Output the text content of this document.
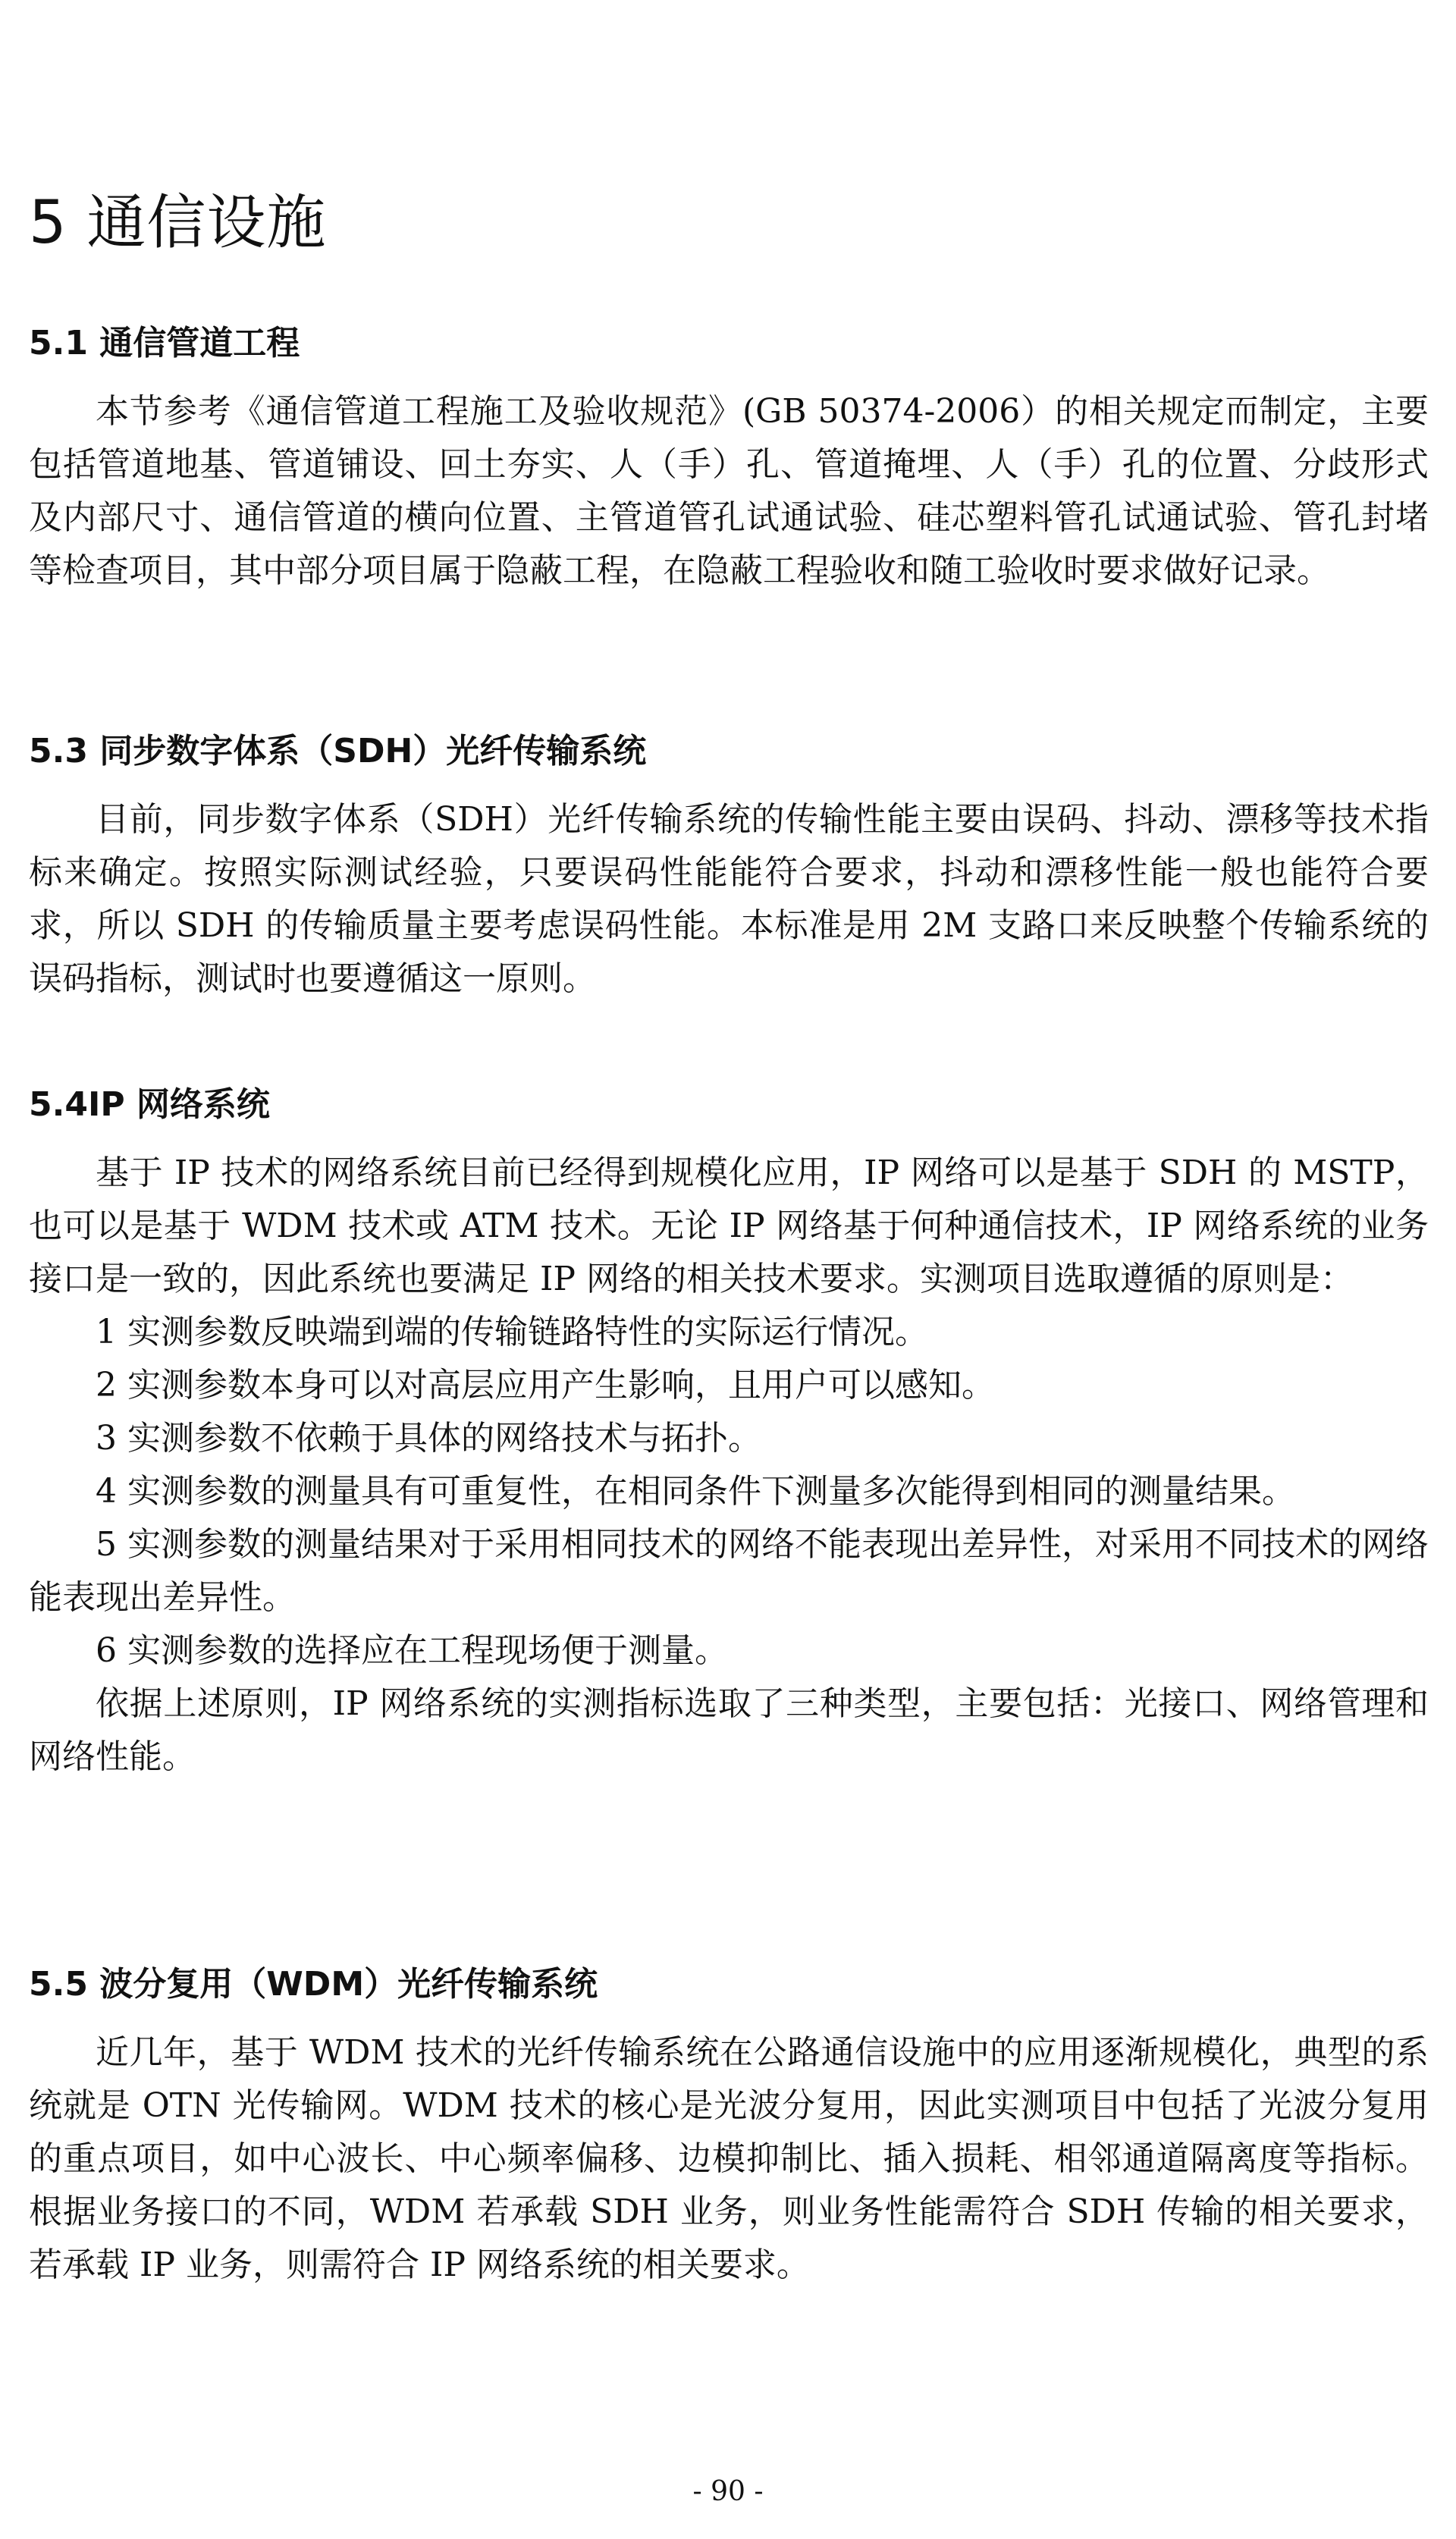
5 通信设施
5.1 通信管道工程

本节参考《通信管道工程施工及验收规范》(GB 50374-2006）的相关规定而制定，主要包括管道地基、管道铺设、回土夯实、人（手）孔、管道掩埋、人（手）孔的位置、分歧形式及内部尺寸、通信管道的横向位置、主管道管孔试通试验、硅芯塑料管孔试通试验、管孔封堵等检查项目，其中部分项目属于隐蔽工程，在隐蔽工程验收和随工验收时要求做好记录。

5.3 同步数字体系（SDH）光纤传输系统

目前，同步数字体系（SDH）光纤传输系统的传输性能主要由误码、抖动、漂移等技术指标来确定。按照实际测试经验，只要误码性能能符合要求，抖动和漂移性能一般也能符合要求，所以 SDH 的传输质量主要考虑误码性能。本标准是用 2M 支路口来反映整个传输系统的误码指标，测试时也要遵循这一原则。

5.4IP 网络系统

基于 IP 技术的网络系统目前已经得到规模化应用，IP 网络可以是基于 SDH 的 MSTP，也可以是基于 WDM 技术或 ATM 技术。无论 IP 网络基于何种通信技术，IP 网络系统的业务接口是一致的，因此系统也要满足 IP 网络的相关技术要求。实测项目选取遵循的原则是：

1 实测参数反映端到端的传输链路特性的实际运行情况。

2 实测参数本身可以对高层应用产生影响，且用户可以感知。

3 实测参数不依赖于具体的网络技术与拓扑。

4 实测参数的测量具有可重复性，在相同条件下测量多次能得到相同的测量结果。

5 实测参数的测量结果对于采用相同技术的网络不能表现出差异性，对采用不同技术的网络能表现出差异性。

6 实测参数的选择应在工程现场便于测量。

依据上述原则，IP 网络系统的实测指标选取了三种类型，主要包括：光接口、网络管理和网络性能。

5.5 波分复用（WDM）光纤传输系统

近几年，基于 WDM 技术的光纤传输系统在公路通信设施中的应用逐渐规模化，典型的系统就是 OTN 光传输网。WDM 技术的核心是光波分复用，因此实测项目中包括了光波分复用的重点项目，如中心波长、中心频率偏移、边模抑制比、插入损耗、相邻通道隔离度等指标。根据业务接口的不同，WDM 若承载 SDH 业务，则业务性能需符合 SDH 传输的相关要求，若承载 IP 业务，则需符合 IP 网络系统的相关要求。

- 90 -
